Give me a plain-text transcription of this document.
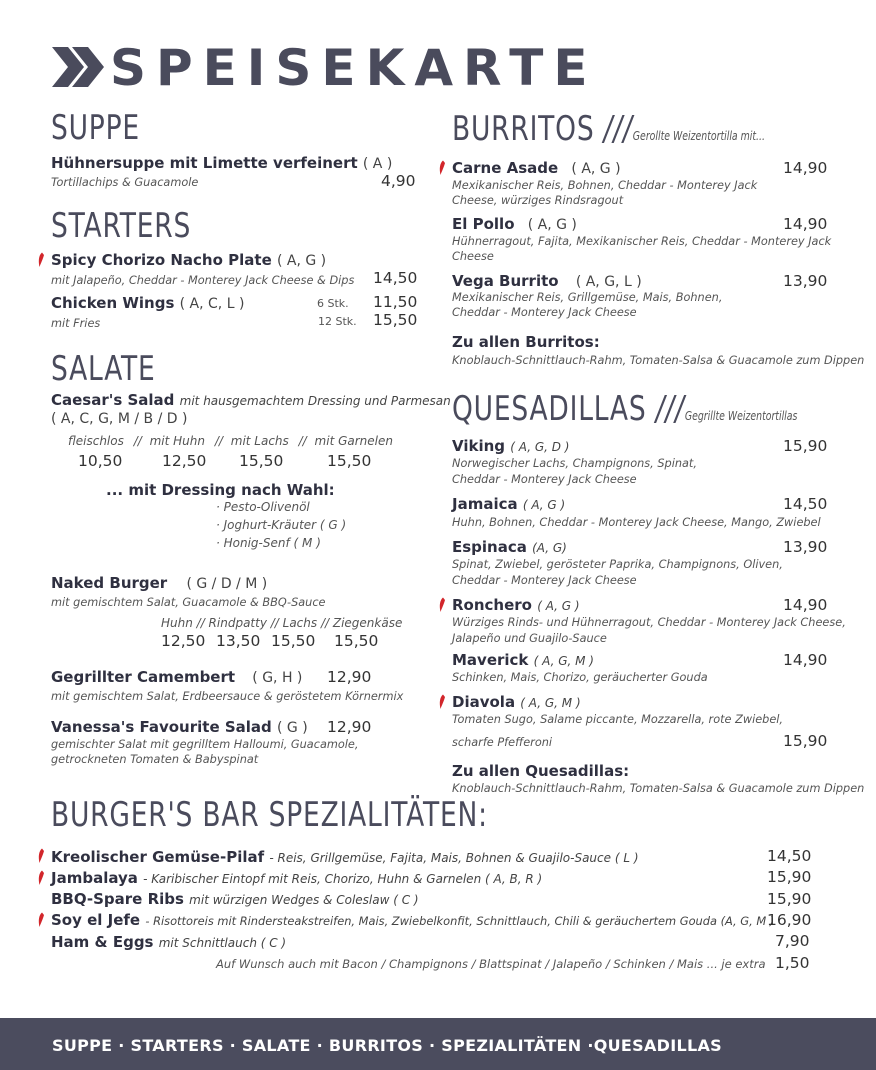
SPEISEKARTE
SUPPE
Hühnersuppe mit Limette verfeinert ( A )
Tortillachips & Guacamole	4,90
STARTERS
Spicy Chorizo Nacho Plate ( A, G )
mit Jalapeño, Cheddar - Monterey Jack Cheese & Dips 14,50
Chicken Wings ( A, C, L )
mit Fries
6 Stk. 11,50
12 Stk. 15,50
SALATE
Caesar's Salad mit hausgemachtem Dressing und Parmesan
( A, C, G, M / B / D )
fleischlos // mit Huhn // mit Lachs // mit Garnelen
10,50	12,50 15,50	15,50
... mit Dressing nach Wahl:
· Pesto-Olivenöl
· Joghurt-Kräuter ( G )
· Honig-Senf ( M )
Naked Burger ( G / D / M )
mit gemischtem Salat, Guacamole & BBQ-Sauce
Huhn // Rindpatty // Lachs // Ziegenkäse
12,50 13,50 15,50 15,50
Gegrillter Camembert ( G, H ) 12,90
mit gemischtem Salat, Erdbeersauce & geröstetem Körnermix
Vanessa's Favourite Salad ( G ) 12,90
gemischter Salat mit gegrilltem Halloumi, Guacamole,
getrockneten Tomaten & Babyspinat
BURRITOS ///Gerollte Weizentortilla mit...
Carne Asade ( A, G )	14,90
Mexikanischer Reis, Bohnen, Cheddar - Monterey Jack
Cheese, würziges Rindsragout
El Pollo ( A, G )	14,90
Hühnerragout, Fajita, Mexikanischer Reis, Cheddar - Monterey Jack
Cheese
Vega Burrito ( A, G, L )	13,90
Mexikanischer Reis, Grillgemüse, Mais, Bohnen,
Cheddar - Monterey Jack Cheese
Zu allen Burritos:
Knoblauch-Schnittlauch-Rahm, Tomaten-Salsa & Guacamole zum Dippen
QUESADILLAS ///Gegrillte Weizentortillas
Viking ( A, G, D )	15,90
Norwegischer Lachs, Champignons, Spinat,
Cheddar - Monterey Jack Cheese
Jamaica ( A, G )	14,50
Huhn, Bohnen, Cheddar - Monterey Jack Cheese, Mango, Zwiebel
Espinaca (A, G)	13,90
Spinat, Zwiebel, gerösteter Paprika, Champignons, Oliven,
Cheddar - Monterey Jack Cheese
Ronchero ( A, G )	14,90
Würziges Rinds- und Hühnerragout, Cheddar - Monterey Jack Cheese,
Jalapeño und Guajilo-Sauce
Maverick ( A, G, M )	14,90
Schinken, Mais, Chorizo, geräucherter Gouda
Diavola ( A, G, M )
Tomaten Sugo, Salame piccante, Mozzarella, rote Zwiebel,
scharfe Pfefferoni	15,90
Zu allen Quesadillas:
Knoblauch-Schnittlauch-Rahm, Tomaten-Salsa & Guacamole zum Dippen
BURGER'S BAR SPEZIALITÄTEN:
Kreolischer Gemüse-Pilaf - Reis, Grillgemüse, Fajita, Mais, Bohnen & Guajilo-Sauce ( L )	14,50
Jambalaya - Karibischer Eintopf mit Reis, Chorizo, Huhn & Garnelen ( A, B, R )	15,90
BBQ-Spare Ribs mit würzigen Wedges & Coleslaw ( C )	15,90
Soy el Jefe - Risottoreis mit Rindersteakstreifen, Mais, Zwiebelkonfit, Schnittlauch, Chili & geräuchertem Gouda (A, G, M )
16,90
Ham & Eggs mit Schnittlauch ( C )	7,90
Auf Wunsch auch mit Bacon / Champignons / Blattspinat / Jalapeño / Schinken / Mais ... je extra 1,50
SUPPE · STARTERS · SALATE · BURRITOS · SPEZIALITÄTEN ·QUESADILLAS
